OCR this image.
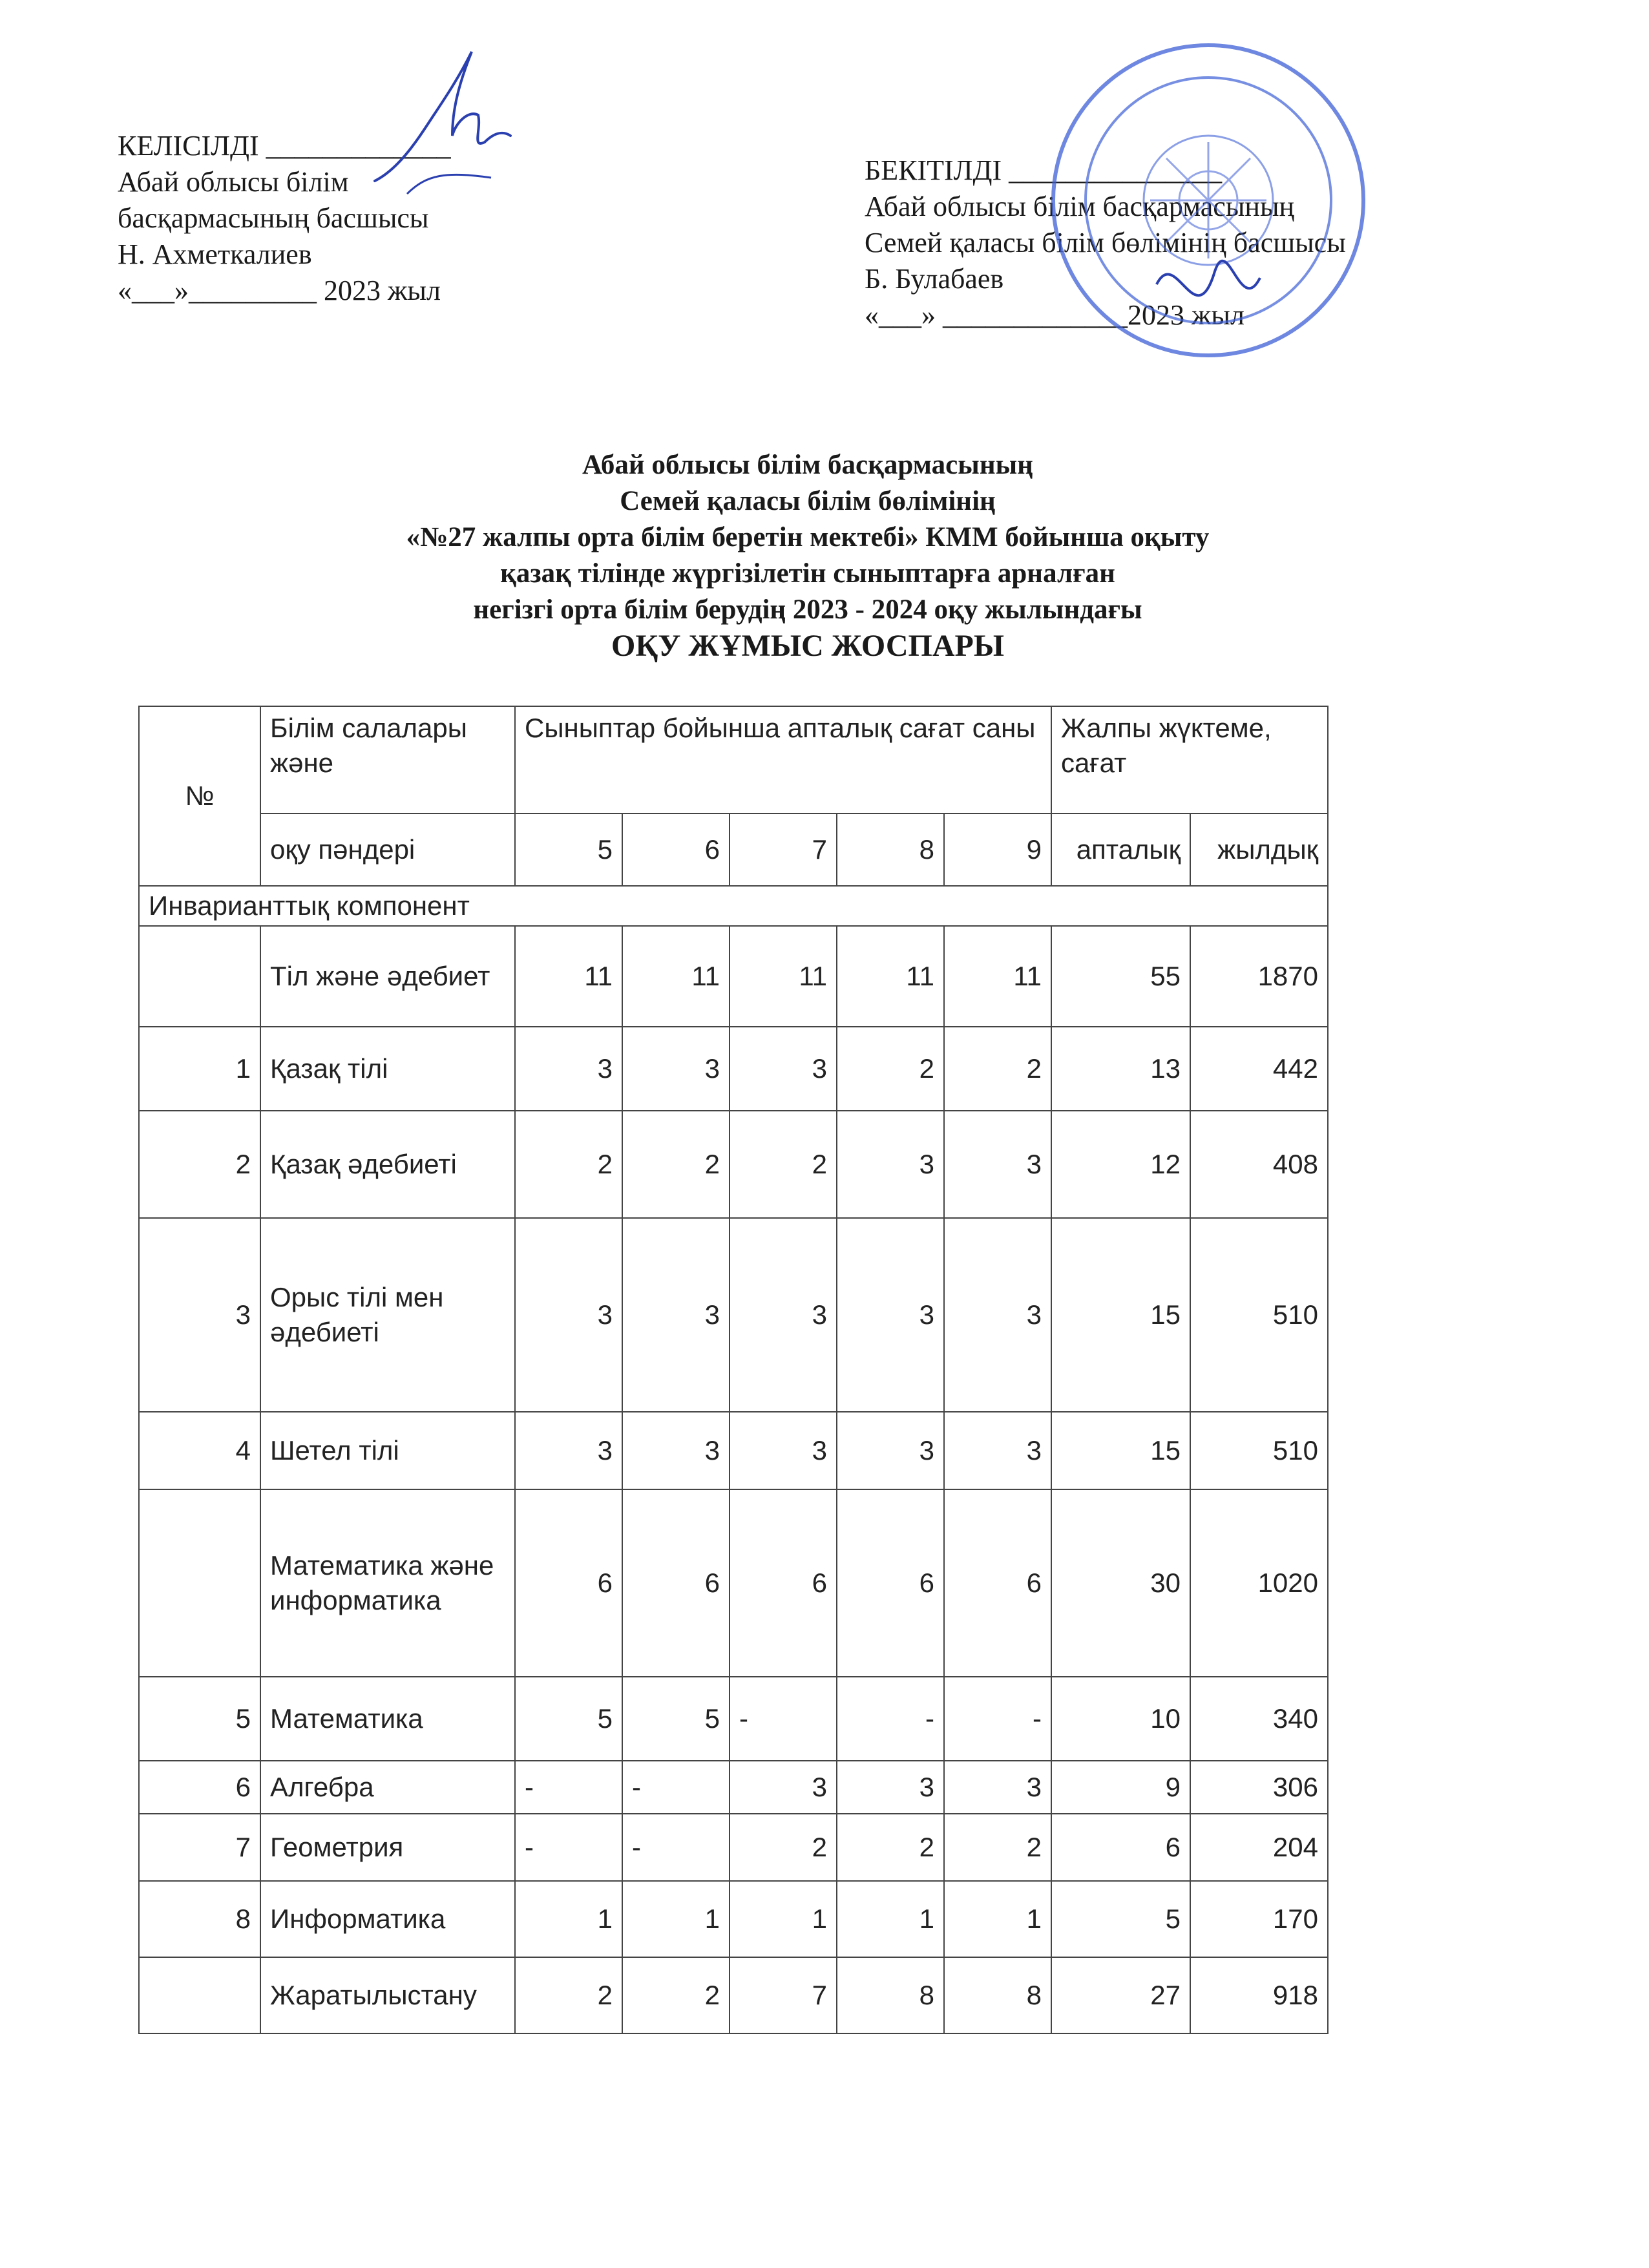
КЕЛІСІЛДІ _____________
Абай облысы білім
басқармасының басшысы
Н. Ахметкалиев
«___»_________ 2023 жыл
БЕКІТІЛДІ _______________
Абай облысы білім басқармасының
Семей қаласы білім бөлімінің басшысы
Б. Булабаев
«___» _____________2023 жыл
Абай облысы білім басқармасының
Семей қаласы білім бөлімінің
«№27 жалпы орта білім беретін мектебі» КММ бойынша оқыту
қазақ тілінде жүргізілетін сыныптарға арналған
негізгі орта білім берудің 2023 - 2024 оқу жылындағы
ОҚУ ЖҰМЫС ЖОСПАРЫ
№	Білім салалары және	Сыныптар бойынша апталық сағат саны					Жалпы жүктеме, сағат	
	оқу пәндері	5	6	7	8	9	апталық	жылдық
Инварианттық компонент								
	Тіл және әдебиет	11	11	11	11	11	55	1870
1	Қазақ тілі	3	3	3	2	2	13	442
2	Қазақ әдебиеті	2	2	2	3	3	12	408
3	Орыс тілі мен әдебиеті	3	3	3	3	3	15	510
4	Шетел тілі	3	3	3	3	3	15	510
	Математика және информатика	6	6	6	6	6	30	1020
5	Математика	5	5	-	-	-	10	340
6	Алгебра	-	-	3	3	3	9	306
7	Геометрия	-	-	2	2	2	6	204
8	Информатика	1	1	1	1	1	5	170
	Жаратылыстану	2	2	7	8	8	27	918
